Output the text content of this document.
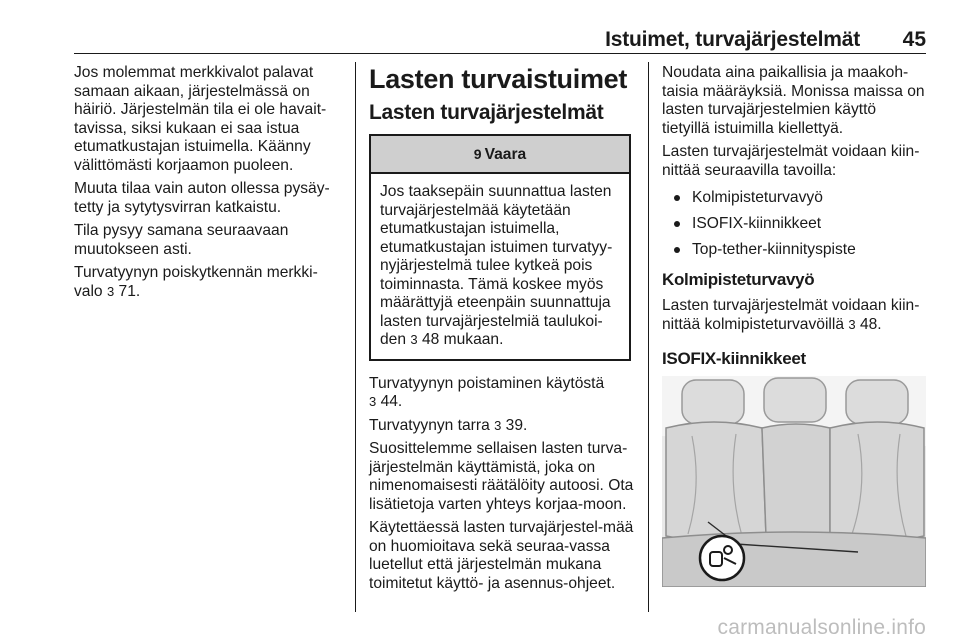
Istuimet, turvajärjestelmät 45

Jos molemmat merkkivalot palavat samaan aikaan, järjestelmässä on häiriö. Järjestelmän tila ei ole havait-tavissa, siksi kukaan ei saa istua etumatkustajan istuimella. Käänny välittömästi korjaamon puoleen.

Muuta tilaa vain auton ollessa pysäy-tetty ja sytytysvirran katkaistu.

Tila pysyy samana seuraavaan muutokseen asti.

Turvatyynyn poiskytkennän merkki-valo 3 71.

Lasten turvaistuimet
Lasten turvajärjestelmät
9 Vaara
Jos taaksepäin suunnattua lasten turvajärjestelmää käytetään etumatkustajan istuimella, etumatkustajan istuimen turvatyy-nyjärjestelmä tulee kytkeä pois toiminnasta. Tämä koskee myös määrättyjä eteenpäin suunnattuja lasten turvajärjestelmiä taulukoi-den 3 48 mukaan.

Turvatyynyn poistaminen käytöstä
3 44.

Turvatyynyn tarra 3 39.

Suosittelemme sellaisen lasten turva-järjestelmän käyttämistä, joka on nimenomaisesti räätälöity autoosi. Ota lisätietoja varten yhteys korjaa-moon.

Käytettäessä lasten turvajärjestel-mää on huomioitava sekä seuraa-vassa luetellut että järjestelmän mukana toimitetut käyttö- ja asennus-ohjeet.

Noudata aina paikallisia ja maakoh-taisia määräyksiä. Monissa maissa on lasten turvajärjestelmien käyttö tietyillä istuimilla kiellettyä.

Lasten turvajärjestelmät voidaan kiin-nittää seuraavilla tavoilla:

Kolmipisteturvavyö
ISOFIX-kiinnikkeet
Top-tether-kiinnityspiste
Kolmipisteturvavyö

Lasten turvajärjestelmät voidaan kiin-nittää kolmipisteturvavöillä 3 48.

ISOFIX-kiinnikkeet
carmanualsonline.info
